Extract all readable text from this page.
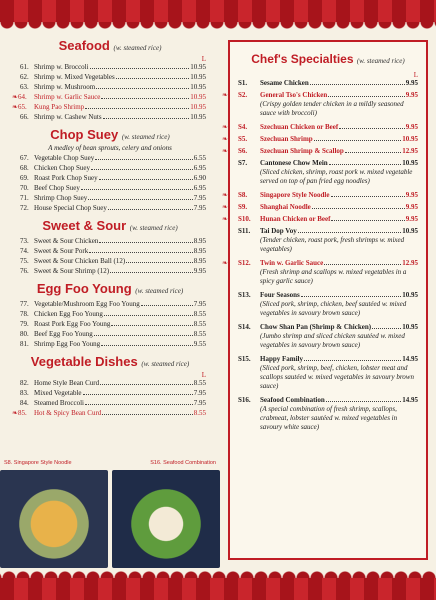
Seafood (w. steamed rice)
L
61. Shrimp w. Broccoli	10.95
62. Shrimp w. Mixed Vegetables	10.95
63. Shrimp w. Mushroom	10.95
❧64.	Shrimp w. Garlic Sauce	10.95
❧65.	Kung Pao Shrimp	10.95
66. Shrimp w. Cashew Nuts	10.95
Chop Suey (w. steamed rice)
A medley of bean sprouts, celery and onions
67. Vegetable Chop Suey	6.55
68. Chicken Chop Suey	6.95
69. Roast Pork Chop Suey	6.90
70. Beef Chop Suey	6.95
71. Shrimp Chop Suey	7.95
72. House Special Chop Suey	7.95
Sweet & Sour (w. steamed rice)
73. Sweet & Sour Chicken	8.95
74. Sweet & Sour Pork	8.95
75. Sweet & Sour Chicken Ball (12)	8.95
76. Sweet & Sour Shrimp (12)	9.95
Egg Foo Young (w. steamed rice)
77. Vegetable/Mushroom Egg Foo Young	7.95
78. Chicken Egg Foo Young	8.55
79. Roast Pork Egg Foo Young	8.55
80. Beef Egg Foo Young	8.55
81. Shrimp Egg Foo Young	9.55
Vegetable Dishes (w. steamed rice)
L
82. Home Style Bean Curd	8.55
83. Mixed Vegetable	7.95
84. Steamed Broccoli	7.95
❧85.	Hot & Spicy Bean Curd	8.55
S8. Singapore Style Noodle	S16. Seafood Combination
Chef's Specialties (w. steamed rice)
L
S1.	Sesame Chicken	9.95
❧ S2.	General Tso's Chicken	9.95
(Crispy golden tender chicken in a mildly seasoned sauce with broccoli)
❧ S4.	Szechuan Chicken or Beef	9.95
❧ S5.	Szechuan Shrimp	10.95
❧ S6.	Szechuan Shrimp & Scallop	12.95
S7.	Cantonese Chow Mein	10.95
(Sliced chicken, shrimp, roast pork w. mixed vegetable served on top of pan fried egg noodles)
❧ S8.	Singapore Style Noodle	9.95
❧ S9.	Shanghai Noodle	9.95
❧ S10.	Hunan Chicken or Beef	9.95
S11.	Tai Dop Voy	10.95
(Tender chicken, roast pork, fresh shrimps w. mixed vegetables)
❧ S12.	Twin w. Garlic Sauce	12.95
(Fresh shrimp and scallops w. mixed vegetables in a spicy garlic sauce)
S13.	Four Seasons	10.95
(Sliced pork, shrimp, chicken, beef sautéed w. mixed vegetables in savoury brown sauce)
S14.	Chow Shan Pan (Shrimp & Chicken)	10.95
(Jumbo shrimp and sliced chicken sautéed w. mixed vegetables in savoury brown sauce)
S15.	Happy Family	14.95
(Sliced pork, shrimp, beef, chicken, lobster meat and scallops sautéed w. mixed vegetables in savoury brown sauce)
S16.	Seafood Combination	14.95
(A special combination of fresh shrimp, scallops, crabmeat, lobster sautéed w. mixed vegetables in savoury white sauce)
